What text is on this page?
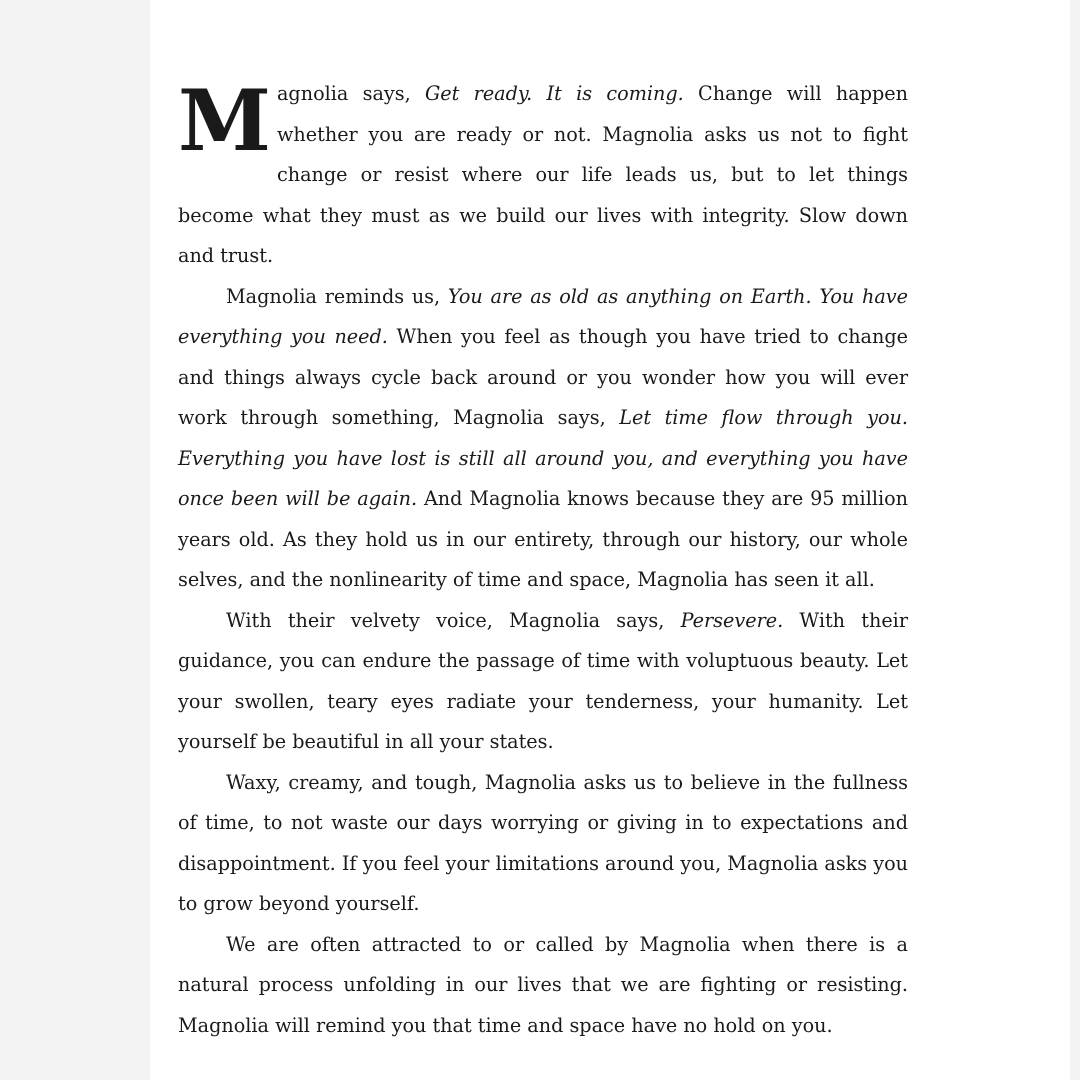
Magnolia says, Get ready. It is coming. Change will happen whether you are ready or not. Magnolia asks us not to fight change or resist where our life leads us, but to let things become what they must as we build our lives with integrity. Slow down and trust.

Magnolia reminds us, You are as old as anything on Earth. You have everything you need. When you feel as though you have tried to change and things always cycle back around or you wonder how you will ever work through something, Magnolia says, Let time flow through you. Everything you have lost is still all around you, and everything you have once been will be again. And Magnolia knows because they are 95 million years old. As they hold us in our entirety, through our history, our whole selves, and the nonlinearity of time and space, Magnolia has seen it all.

With their velvety voice, Magnolia says, Persevere. With their guidance, you can endure the passage of time with voluptuous beauty. Let your swollen, teary eyes radiate your tenderness, your humanity. Let yourself be beautiful in all your states.

Waxy, creamy, and tough, Magnolia asks us to believe in the fullness of time, to not waste our days worrying or giving in to expectations and disappointment. If you feel your limitations around you, Magnolia asks you to grow beyond yourself.

We are often attracted to or called by Magnolia when there is a natural process unfolding in our lives that we are fighting or resisting. Magnolia will remind you that time and space have no hold on you.
